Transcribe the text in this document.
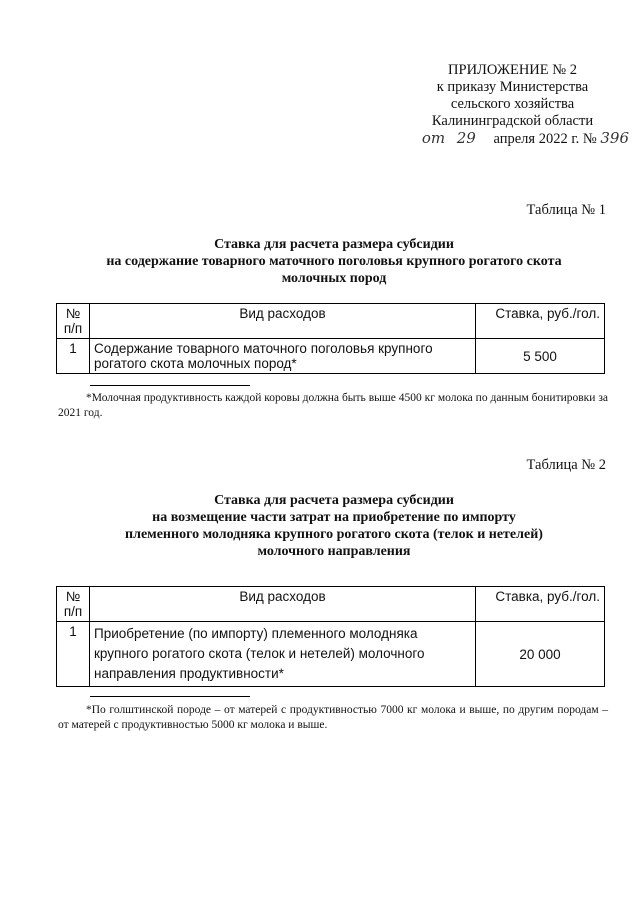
ПРИЛОЖЕНИЕ № 2
к приказу Министерства
сельского хозяйства
Калининградской области
от 29 апреля 2022 г. № 396
Таблица № 1
Ставка для расчета размера субсидии
на содержание товарного маточного поголовья крупного рогатого скота
молочных пород
№ п/п	Вид расходов	Ставка, руб./гол.
1	Содержание товарного маточного поголовья крупного рогатого скота молочных пород*	5 500
*Молочная продуктивность каждой коровы должна быть выше 4500 кг молока по данным бонитировки за 2021 год.
Таблица № 2
Ставка для расчета размера субсидии
на возмещение части затрат на приобретение по импорту
племенного молодняка крупного рогатого скота (телок и нетелей)
молочного направления
№ п/п	Вид расходов	Ставка, руб./гол.
1	Приобретение (по импорту) племенного молодняка крупного рогатого скота (телок и нетелей) молочного направления продуктивности*	20 000
*По голштинской породе – от матерей с продуктивностью 7000 кг молока и выше, по другим породам – от матерей с продуктивностью 5000 кг молока и выше.
